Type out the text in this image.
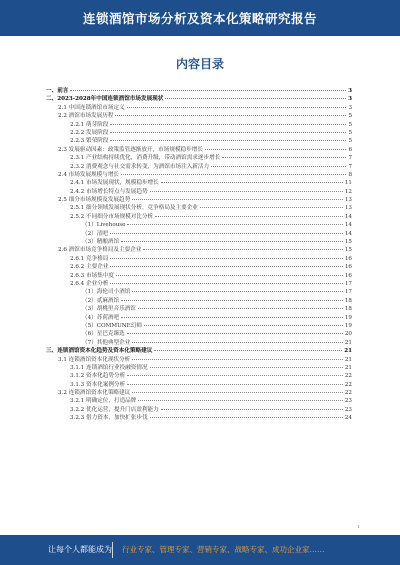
连锁酒馆市场分析及资本化策略研究报告
内容目录
一、前言	3
二、2023-2028年中国连锁酒馆市场发展现状	3
2.1 中国连锁酒馆市场定义	3
2.2 酒馆市场发展历程	5
2.2.1 萌芽阶段	5
2.2.2 发展阶段	5
2.2.3 繁荣阶段	5
2.3 发展驱动因素：政策监管逐渐放开，市场规模稳步增长	6
2.3.1 产业结构持续优化，消费升级，带动酒馆需求逐步增长	7
2.3.2 消费观念与社交需求转变，为酒馆市场注入新活力	7
2.4 市场发展规模与增长	8
2.4.1 市场发展现状，规模稳步增长	11
2.4.2 市场增长特点与发展趋势	12
2.5 细分市场规模及发展趋势	13
2.5.1 细分领域发展现状分析，竞争格局及主要企业	13
2.5.2 不同细分市场规模对比分析	14
（1）Livehouse	14
（2）清吧	14
（3）精酿酒馆	15
2.6 酒馆市场竞争格局及主要企业	15
2.6.1 竞争格局	16
2.6.2 主要企业	16
2.6.3 市场集中度	16
2.6.4 企业分析	17
（1）海伦司小酒馆	17
（2）贰麻酒馆	18
（3）胡桃里音乐酒馆	18
（4）苏荷酒吧	19
（5）COMMUNE幻师	19
（6）星巴克臻选	20
（7）其他典型企业	21
三、连锁酒馆资本化趋势及资本化策略建议	21
3.1 连锁酒馆资本化现状分析	21
3.1.1 连锁酒馆行业投融资情况	21
3.1.2 资本化趋势分析	22
3.1.3 资本化案例分析	22
3.2 连锁酒馆资本化策略建议	22
3.2.1 明确定位，打造品牌	23
3.2.2 优化运营，提升门店盈利能力	23
3.2.3 借力资本，加快扩张步伐	24
1
让每个人都能成为 行业专家、管理专家、营销专家、战略专家、成功企业家……
